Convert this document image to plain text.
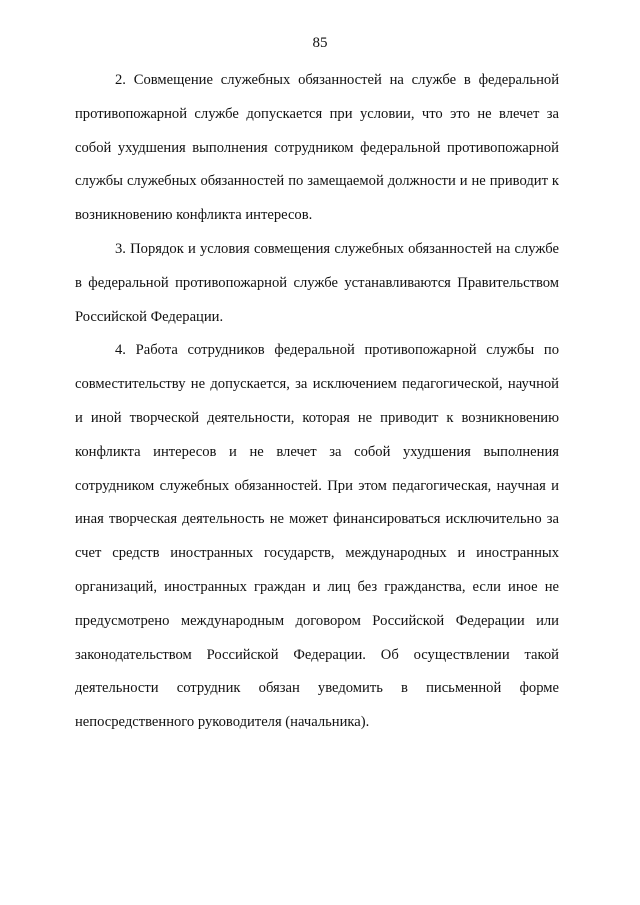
85

2. Совмещение служебных обязанностей на службе в федеральной противопожарной службе допускается при условии, что это не влечет за собой ухудшения выполнения сотрудником федеральной противопожарной службы служебных обязанностей по замещаемой должности и не приводит к возникновению конфликта интересов.

3. Порядок и условия совмещения служебных обязанностей на службе в федеральной противопожарной службе устанавливаются Правительством Российской Федерации.

4. Работа сотрудников федеральной противопожарной службы по совместительству не допускается, за исключением педагогической, научной и иной творческой деятельности, которая не приводит к возникновению конфликта интересов и не влечет за собой ухудшения выполнения сотрудником служебных обязанностей. При этом педагогическая, научная и иная творческая деятельность не может финансироваться исключительно за счет средств иностранных государств, международных и иностранных организаций, иностранных граждан и лиц без гражданства, если иное не предусмотрено международным договором Российской Федерации или законодательством Российской Федерации. Об осуществлении такой деятельности сотрудник обязан уведомить в письменной форме непосредственного руководителя (начальника).
